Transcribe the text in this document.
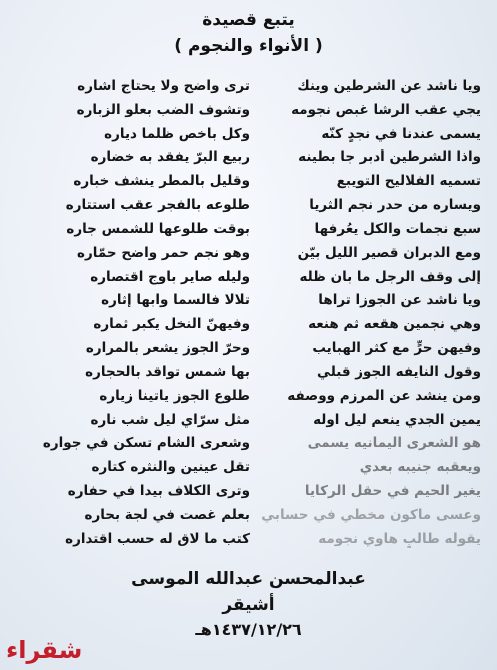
يتبع قصيدة
( الأنواء والنجوم )
ويا ناشد عن الشرطين وينك
يجي عقب الرشا غبص نجومه
يسمى عندنا في نجدٍ كنّه
واذا الشرطين أدبر جا بطينه
تسميه الفلاليح التويبع
ويساره من حدر نجم الثريا
سبع نجمات والكل يعُرفها
ومع الدبران قصير الليل بيّن
إلى وقف الرجل ما بان ظله
ويا ناشد عن الجوزا تراها
وهي نجمين هقعه ثم هنعه
وفيهن حرٍّ مع كثر الهبايب
وقول النايفه الجوز قبلي
ومن ينشد عن المرزم ووصفه
يمين الجدي ينعم ليل اوله
هو الشعرى اليمانيه يسمى
ويعقبه جنيبه بعدي
يغير الحيم في حقل الركايا
وعسى ماكون مخطي في حسابي
يقوله طالبٍ هاوي نجومه
ترى واضح ولا يحتاج اشاره
وتشوف الضب بعلو الزباره
وكل باخص ظلما دياره
ربيع البرّ يفقد به خضاره
وقليل بالمطر ينشف خباره
طلوعه بالفجر عقب استتاره
بوقت طلوعها للشمس جاره
وهو نجم حمر واضح حمّاره
وليله صاير باوج اقتصاره
تلالا فالسما وابها إثاره
وفيهنّ النخل يكبر ثماره
وحرّ الجوز يشعر بالمراره
بها شمس تواقد بالحجاره
طلوع الجوز ياتينا زياره
مثل سرّاي ليل شب ناره
وشعرى الشام تسكن في جواره
تقل عينين والنثره كتاره
وترى الكلاف بيدا في حفاره
بعلم غصت في لجة بحاره
كتب ما لاق له حسب اقتداره
عبدالمحسن عبدالله الموسى
أشيقر
١٤٣٧/١٢/٢٦هـ
شقراء
